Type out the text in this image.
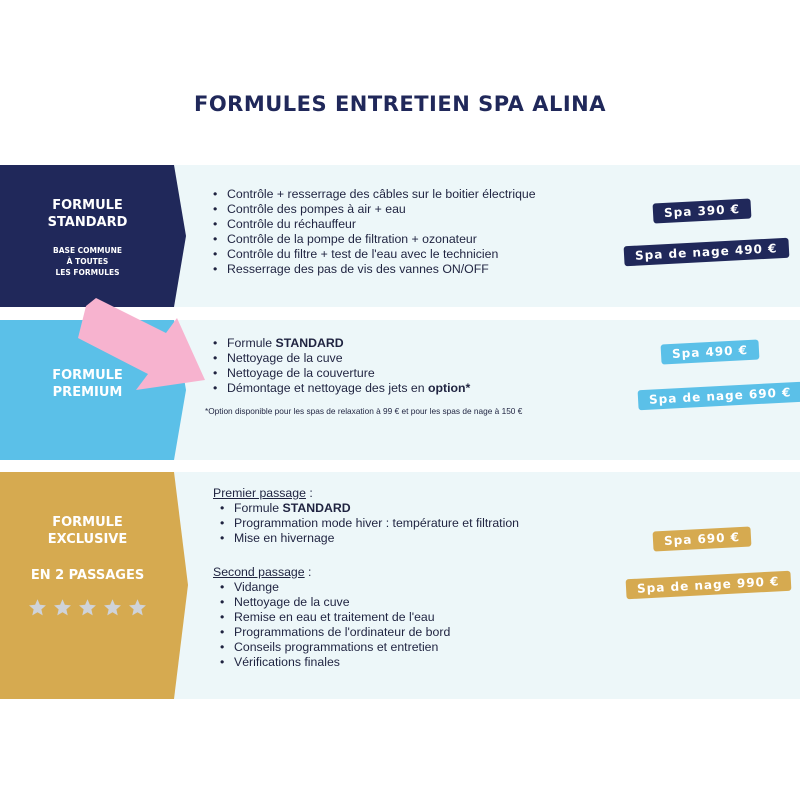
FORMULES ENTRETIEN SPA ALINA
FORMULE
STANDARD
BASE COMMUNE
À TOUTES
LES FORMULES
• Contrôle + resserrage des câbles sur le boitier électrique
• Contrôle des pompes à air + eau
• Contrôle du réchauffeur
• Contrôle de la pompe de filtration + ozonateur
• Contrôle du filtre + test de l'eau avec le technicien
• Resserrage des pas de vis des vannes ON/OFF
Spa 390 €
Spa de nage 490 €
FORMULE
PREMIUM
• Formule STANDARD
• Nettoyage de la cuve
• Nettoyage de la couverture
• Démontage et nettoyage des jets en option*
*Option disponible pour les spas de relaxation à 99 € et pour les spas de nage à 150 €
Spa 490 €
Spa de nage 690 €
FORMULE
EXCLUSIVE
EN 2 PASSAGES
Premier passage :
• Formule STANDARD
• Programmation mode hiver : température et filtration
• Mise en hivernage
Second passage :
• Vidange
• Nettoyage de la cuve
• Remise en eau et traitement de l'eau
• Programmations de l'ordinateur de bord
• Conseils programmations et entretien
• Vérifications finales
Spa 690 €
Spa de nage 990 €
